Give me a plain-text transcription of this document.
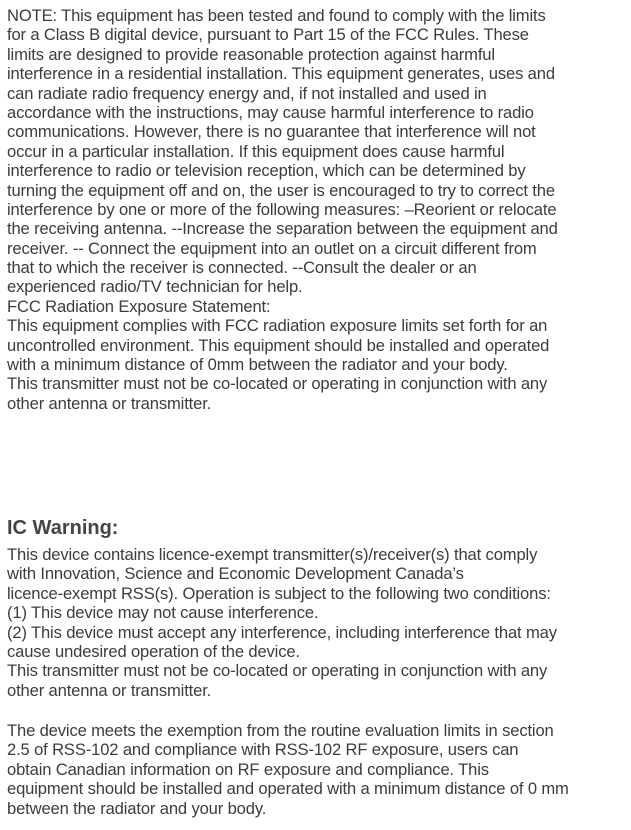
NOTE: This equipment has been tested and found to comply with the limits
for a Class B digital device, pursuant to Part 15 of the FCC Rules. These
limits are designed to provide reasonable protection against harmful
interference in a residential installation. This equipment generates, uses and
can radiate radio frequency energy and, if not installed and used in
accordance with the instructions, may cause harmful interference to radio
communications. However, there is no guarantee that interference will not
occur in a particular installation. If this equipment does cause harmful
interference to radio or television reception, which can be determined by
turning the equipment off and on, the user is encouraged to try to correct the
interference by one or more of the following measures: –Reorient or relocate
the receiving antenna. --Increase the separation between the equipment and
receiver. -- Connect the equipment into an outlet on a circuit different from
that to which the receiver is connected. --Consult the dealer or an
experienced radio/TV technician for help.
FCC Radiation Exposure Statement:
This equipment complies with FCC radiation exposure limits set forth for an
uncontrolled environment. This equipment should be installed and operated
with a minimum distance of 0mm between the radiator and your body.
This transmitter must not be co-located or operating in conjunction with any
other antenna or transmitter.
IC Warning:
This device contains licence-exempt transmitter(s)/receiver(s) that comply
with Innovation, Science and Economic Development Canada’s
licence-exempt RSS(s). Operation is subject to the following two conditions:
(1) This device may not cause interference.
(2) This device must accept any interference, including interference that may
cause undesired operation of the device.
This transmitter must not be co-located or operating in conjunction with any
other antenna or transmitter.
The device meets the exemption from the routine evaluation limits in section
2.5 of RSS-102 and compliance with RSS-102 RF exposure, users can
obtain Canadian information on RF exposure and compliance. This
equipment should be installed and operated with a minimum distance of 0 mm
between the radiator and your body.
